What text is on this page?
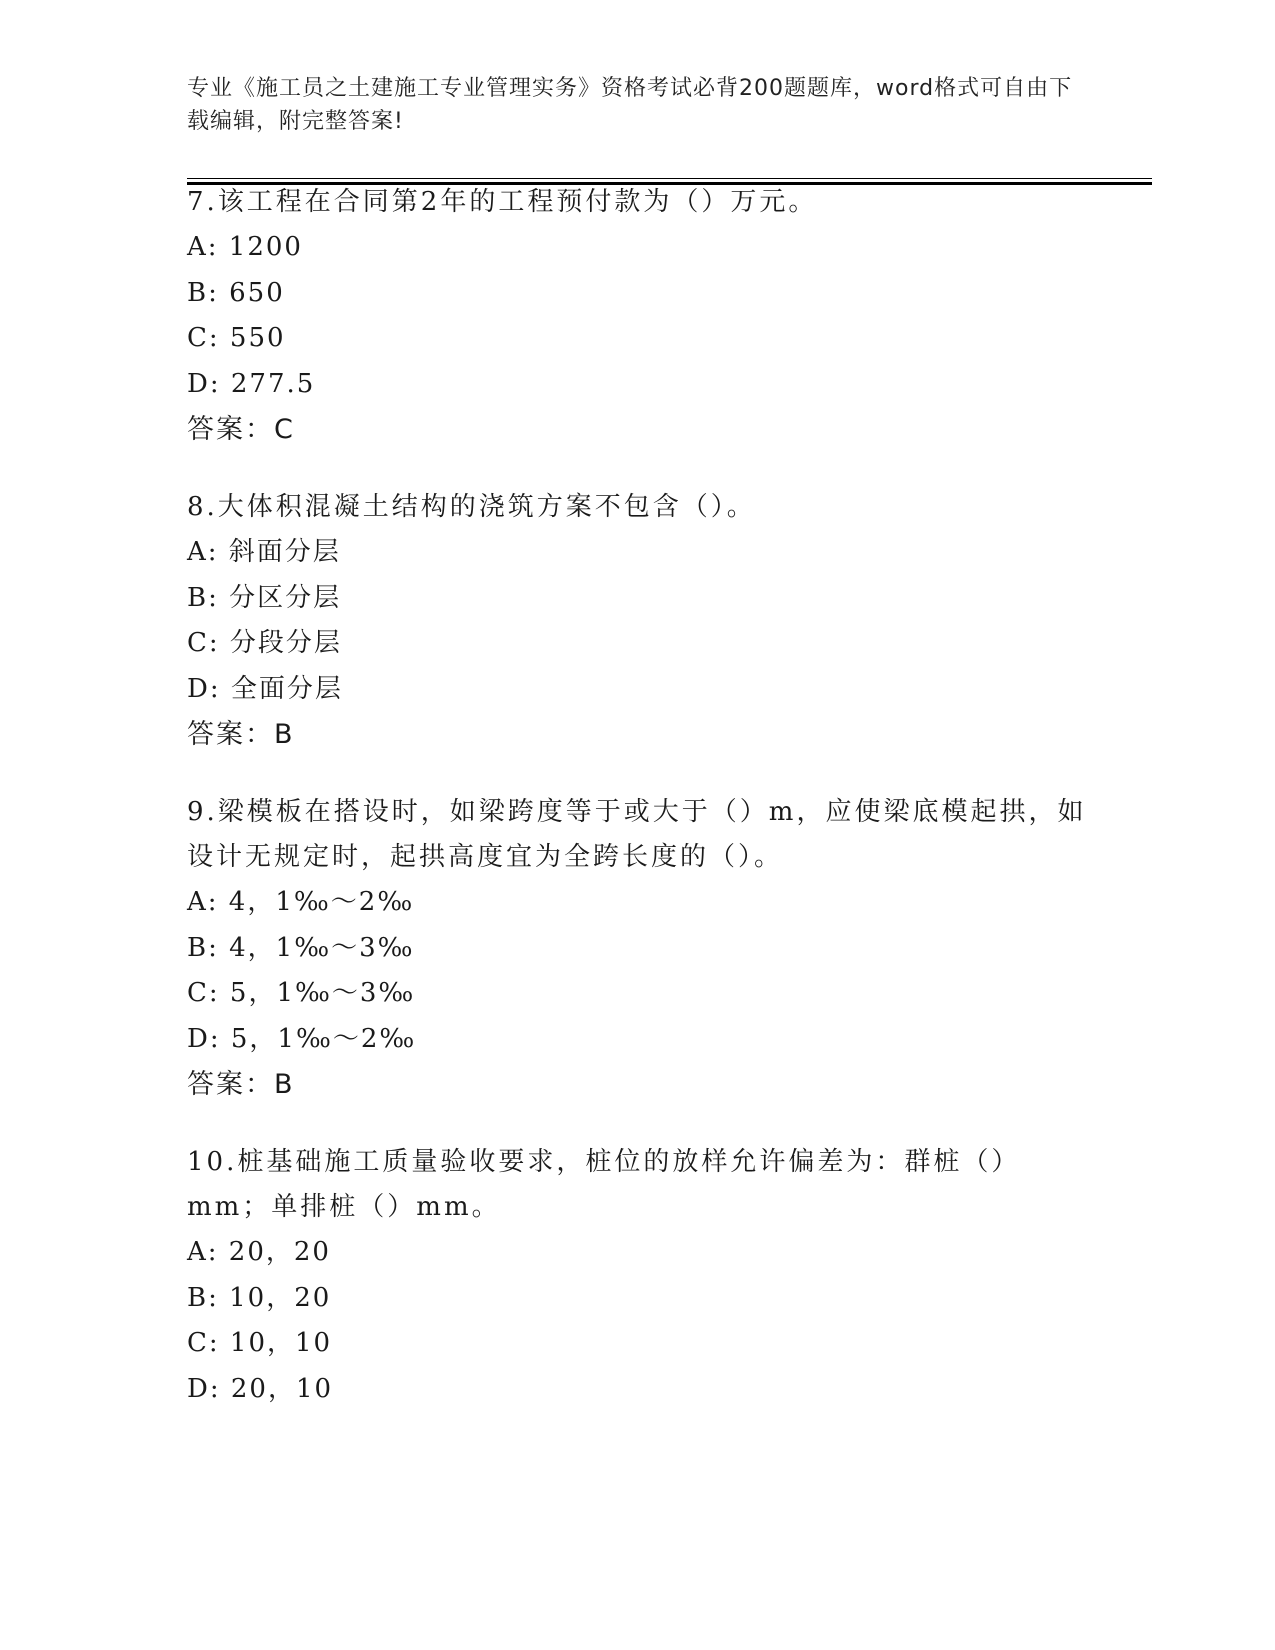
专业《施工员之土建施工专业管理实务》资格考试必背200题题库，word格式可自由下载编辑，附完整答案!

7.该工程在合同第2年的工程预付款为（）万元。

A: 1200

B: 650

C: 550

D: 277.5

答案：C

8.大体积混凝土结构的浇筑方案不包含（）。

A: 斜面分层

B: 分区分层

C: 分段分层

D: 全面分层

答案：B

9.梁模板在搭设时，如梁跨度等于或大于（）m，应使梁底模起拱，如设计无规定时，起拱高度宜为全跨长度的（）。

A: 4，1‰～2‰

B: 4，1‰～3‰

C: 5，1‰～3‰

D: 5，1‰～2‰

答案：B

10.桩基础施工质量验收要求，桩位的放样允许偏差为：群桩（）mm；单排桩（）mm。

A: 20，20

B: 10，20

C: 10，10

D: 20，10
